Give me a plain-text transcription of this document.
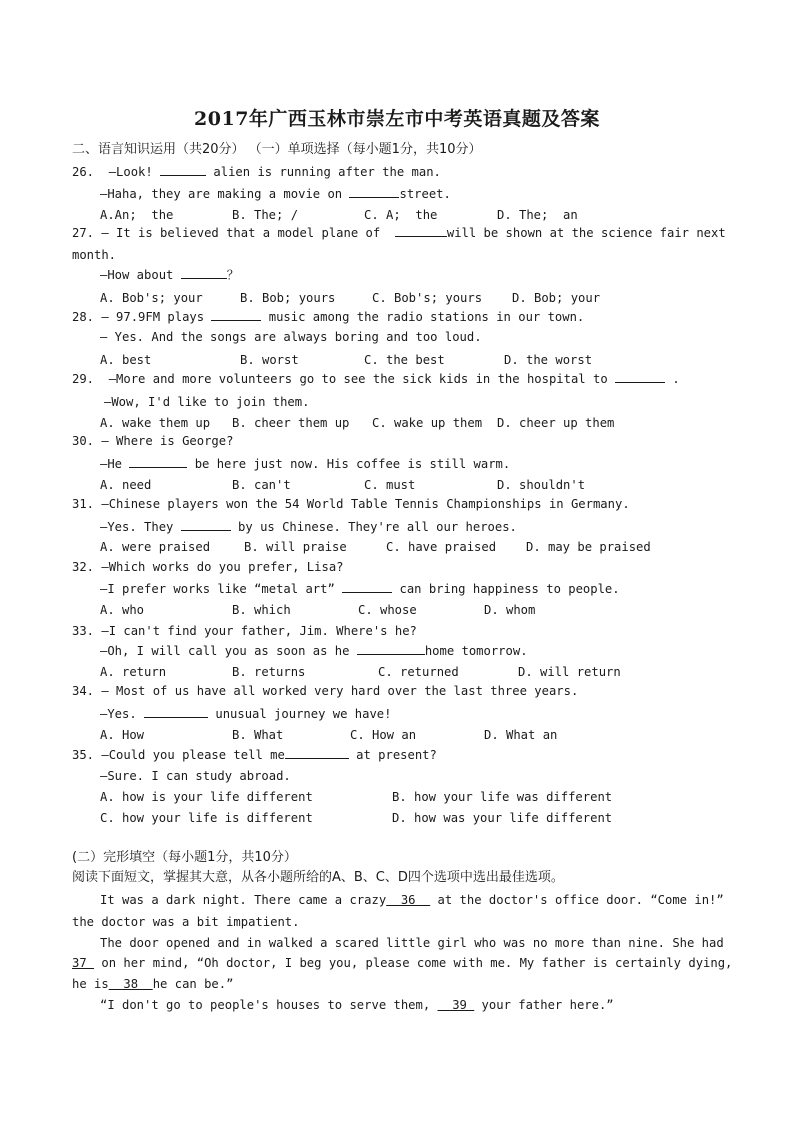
2017年广西玉林市崇左市中考英语真题及答案
二、语言知识运用（共20分） （一）单项选择（每小题1分，共10分）
26. —Look!	alien is running after the man.
—Haha, they are making a movie on	street.
A.An;  the	B. The; /	C. A;  the	D. The;  an
27. — It is believed that a model plane of	will be shown at the science fair next
month.
—How about	？
A. Bob's; your	B. Bob; yours	C. Bob's; yours D. Bob; your
28. — 97.9FM plays	music among the radio stations in our town.
— Yes. And the songs are always boring and too loud.
A. best	B. worst	C. the best	D. the worst
29. —More and more volunteers go to see the sick kids in the hospital to	.
—Wow, I'd like to join them.
A. wake them up B. cheer them up C. wake up them D. cheer up them
30. — Where is George?
—He	be here just now. His coffee is still warm.
A. need	B. can't	C. must	D. shouldn't
31. —Chinese players won the 54 World Table Tennis Championships in Germany.
—Yes. They	by us Chinese. They're all our heroes.
A. were praised	B. will praise	C. have praised D. may be praised
32. —Which works do you prefer, Lisa?
—I prefer works like “metal art”	can bring happiness to people.
A. who	B. which	C. whose	D. whom
33. —I can't find your father, Jim. Where's he?
—Oh, I will call you as soon as he	home tomorrow.
A. return	B. returns	C. returned	D. will return
34. — Most of us have all worked very hard over the last three years.
—Yes.	unusual journey we have!
A. How	B. What	C. How an	D. What an
35. —Could you please tell me	at present?
—Sure. I can study abroad.
A. how is your life different	B. how your life was different
C. how your life is different	D. how was your life different
(二）完形填空（每小题1分，共10分）
阅读下面短文，掌握其大意，从各小题所给的A、B、C、D四个选项中选出最佳选项。
It was a dark night. There came a crazy  36   at the doctor's office door. “Come in!”
the doctor was a bit impatient.
The door opened and in walked a scared little girl who was no more than nine. She had
37  on her mind, “Oh doctor, I beg you, please come with me. My father is certainly dying,
he is  38  he can be.”
“I don't go to people's houses to serve them,   39  your father here.”
